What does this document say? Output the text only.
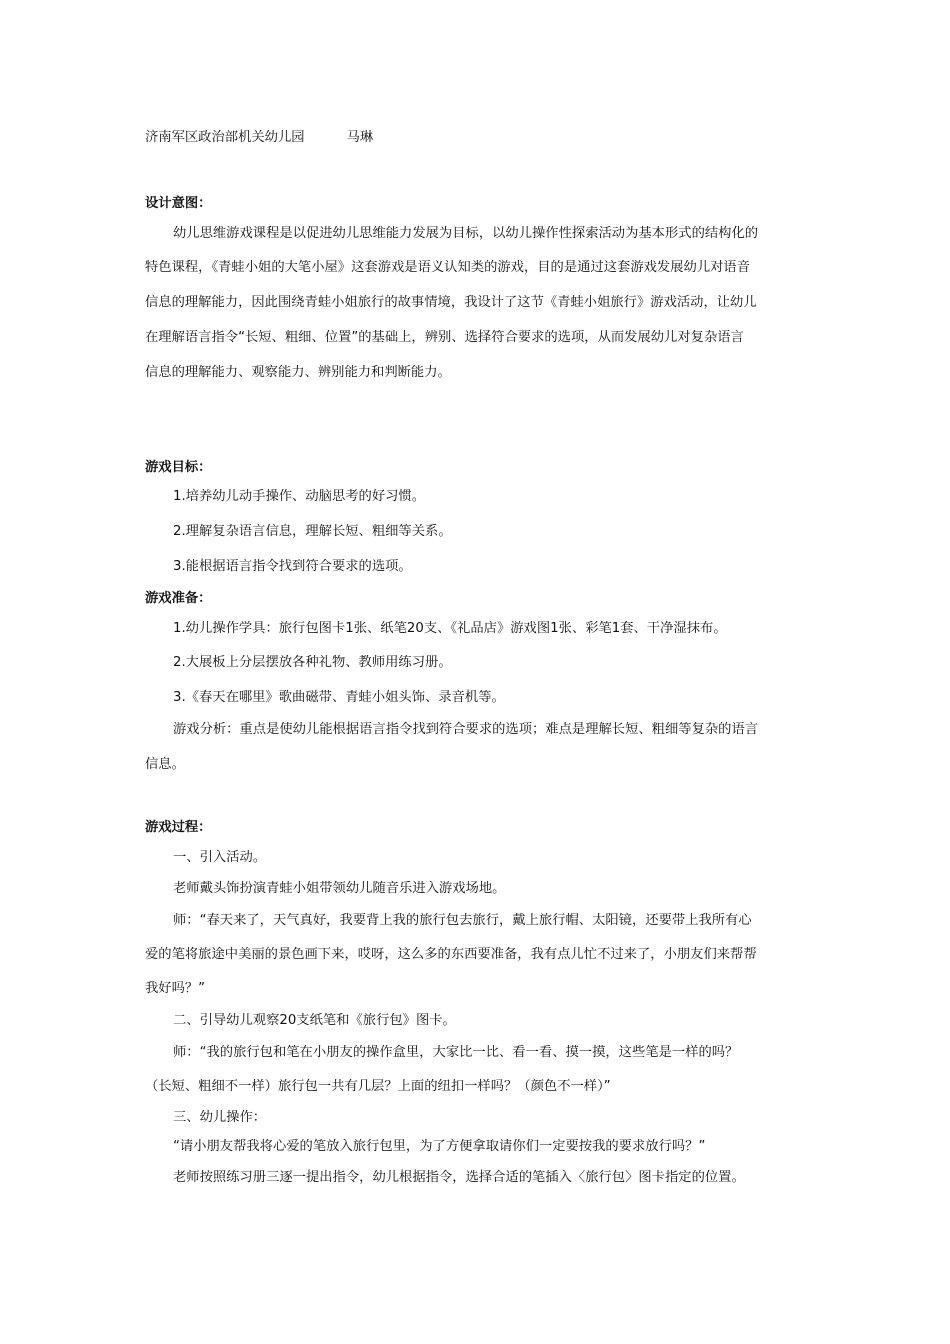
济南军区政治部机关幼儿园	马琳
设计意图：
幼儿思维游戏课程是以促进幼儿思维能力发展为目标，以幼儿操作性探索活动为基本形式的结构化的
特色课程，《青蛙小姐的大笔小屋》这套游戏是语义认知类的游戏，目的是通过这套游戏发展幼儿对语音
信息的理解能力，因此围绕青蛙小姐旅行的故事情境，我设计了这节《青蛙小姐旅行》游戏活动，让幼儿
在理解语言指令“长短、粗细、位置”的基础上，辨别、选择符合要求的选项，从而发展幼儿对复杂语言
信息的理解能力、观察能力、辨别能力和判断能力。
游戏目标：
1.培养幼儿动手操作、动脑思考的好习惯。
2.理解复杂语言信息，理解长短、粗细等关系。
3.能根据语言指令找到符合要求的选项。
游戏准备：
1.幼儿操作学具：旅行包图卡1张、纸笔20支、《礼品店》游戏图1张、彩笔1套、干净湿抹布。
2.大展板上分层摆放各种礼物、教师用练习册。
3.《春天在哪里》歌曲磁带、青蛙小姐头饰、录音机等。
游戏分析：重点是使幼儿能根据语言指令找到符合要求的选项；难点是理解长短、粗细等复杂的语言
信息。
游戏过程：
一、引入活动。
老师戴头饰扮演青蛙小姐带领幼儿随音乐进入游戏场地。
师：“春天来了，天气真好，我要背上我的旅行包去旅行，戴上旅行帽、太阳镜，还要带上我所有心
爱的笔将旅途中美丽的景色画下来，哎呀，这么多的东西要准备，我有点儿忙不过来了，小朋友们来帮帮
我好吗？”
二、引导幼儿观察20支纸笔和《旅行包》图卡。
师：“我的旅行包和笔在小朋友的操作盒里，大家比一比、看一看、摸一摸，这些笔是一样的吗？
（长短、粗细不一样）旅行包一共有几层？上面的纽扣一样吗？（颜色不一样）”
三、幼儿操作：
“请小朋友帮我将心爱的笔放入旅行包里，为了方便拿取请你们一定要按我的要求放行吗？”
老师按照练习册三逐一提出指令，幼儿根据指令，选择合适的笔插入〈旅行包〉图卡指定的位置。
